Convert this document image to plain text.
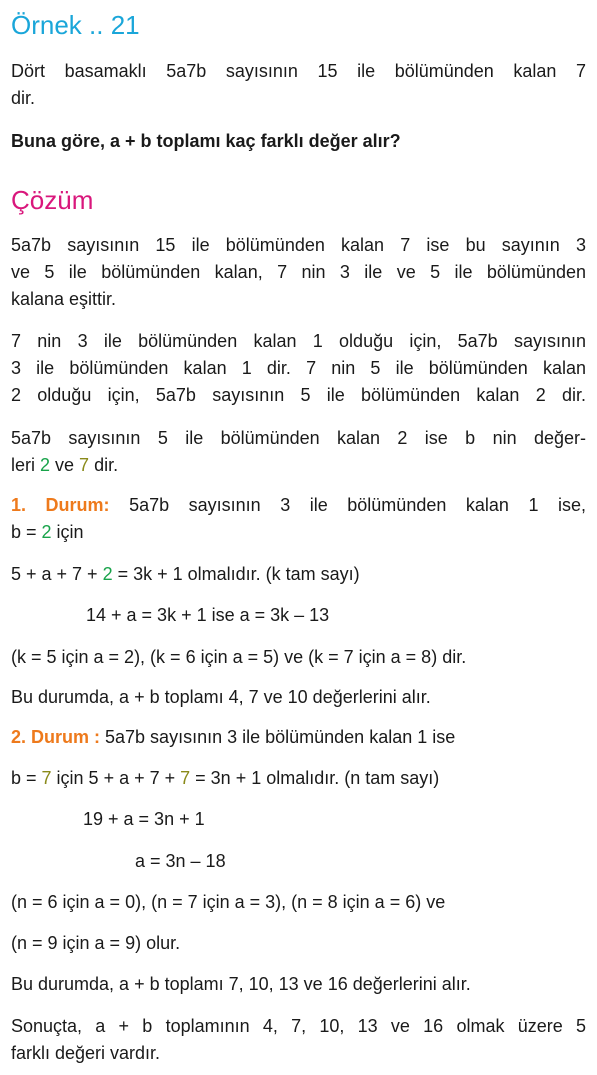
Örnek .. 21
Dört basamaklı 5a7b sayısının 15 ile bölümünden kalan 7
dir.
Buna göre, a + b toplamı kaç farklı değer alır?
Çözüm
5a7b sayısının 15 ile bölümünden kalan 7 ise bu sayının 3
ve 5 ile bölümünden kalan, 7 nin 3 ile ve 5 ile bölümünden
kalana eşittir.
7 nin 3 ile bölümünden kalan 1 olduğu için, 5a7b sayısının
3 ile bölümünden kalan 1 dir. 7 nin 5 ile bölümünden kalan
2 olduğu için, 5a7b sayısının 5 ile bölümünden kalan 2 dir.
5a7b sayısının 5 ile bölümünden kalan 2 ise b nin değer-
leri 2 ve 7 dir.
1. Durum: 5a7b sayısının 3 ile bölümünden kalan 1 ise,
b = 2 için
5 + a + 7 + 2 = 3k + 1 olmalıdır. (k tam sayı)
14 + a = 3k + 1 ise a = 3k – 13
(k = 5 için a = 2), (k = 6 için a = 5) ve (k = 7 için a = 8) dir.
Bu durumda, a + b toplamı 4, 7 ve 10 değerlerini alır.
2. Durum : 5a7b sayısının 3 ile bölümünden kalan 1 ise
b = 7 için 5 + a + 7 + 7 = 3n + 1 olmalıdır. (n tam sayı)
19 + a = 3n + 1
a = 3n – 18
(n = 6 için a = 0), (n = 7 için a = 3), (n = 8 için a = 6) ve
(n = 9 için a = 9) olur.
Bu durumda, a + b toplamı 7, 10, 13 ve 16 değerlerini alır.
Sonuçta, a + b toplamının 4, 7, 10, 13 ve 16 olmak üzere 5
farklı değeri vardır.
